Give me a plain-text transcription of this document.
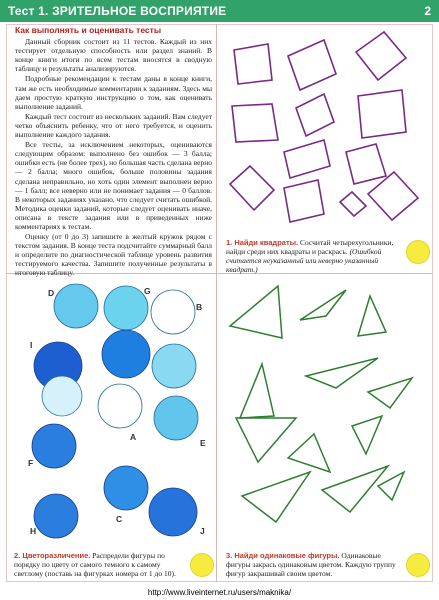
Тест 1. ЗРИТЕЛЬНОЕ ВОСПРИЯТИЕ	2
Как выполнять и оценивать тесты

Данный сборник состоит из 11 тестов. Каждый из них тестирует отдельную способность или раздел знаний. В конце книги итоги по всем тестам вносятся в сводную таблицу и результаты анализируются.

Подробные рекомендации к тестам даны в конце книги, там же есть необходимые комментарии к заданиям. Здесь мы даем простую краткую инструкцию о том, как оценивать выполнение заданий.

Каждый тест состоит из нескольких заданий. Вам следует четко объяснить ребенку, что от него требуется, и оценить выполнение каждого задания.

Все тесты, за исключением некоторых, оцениваются следующим образом: выполнено без ошибок — 3 балла; ошибки есть (не более трех), но большая часть сделана верно — 2 балла; много ошибок, больше половины задания сделана неправильно, но хоть один элемент выполнен верно — 1 балл; все неверно или не понимает задания — 0 баллов. В некоторых заданиях указано, что следует считать ошибкой. Методика оценки заданий, которые следует оценивать иначе, описана в тексте задания или в приведенных ниже комментариях к тестам.

Оценку (от 0 до 3) запишите в желтый кружок рядом с текстом задания. В конце теста подсчитайте суммарный балл и определите по диагностической таблице уровень развития тестируемого качества. Запишите полученные результаты в итоговую таблицу.

1. Найди квадраты. Сосчитай четырехугольники, найди среди них квадраты и раскрась. (Ошибкой считается неуказанный или неверно указанный квадрат.)
D	G
B
I
A
E
F
H
C
J
2. Цветоразличение. Распредели фигуры по порядку по цвету от самого темного к самому светлому (поставь на фигурках номера от 1 до 10).
3. Найди одинаковые фигуры. Одинаковые фигуры закрась одинаковым цветом. Каждую группу фигур закрашивай своим цветом.
http://www.liveinternet.ru/users/maknika/
